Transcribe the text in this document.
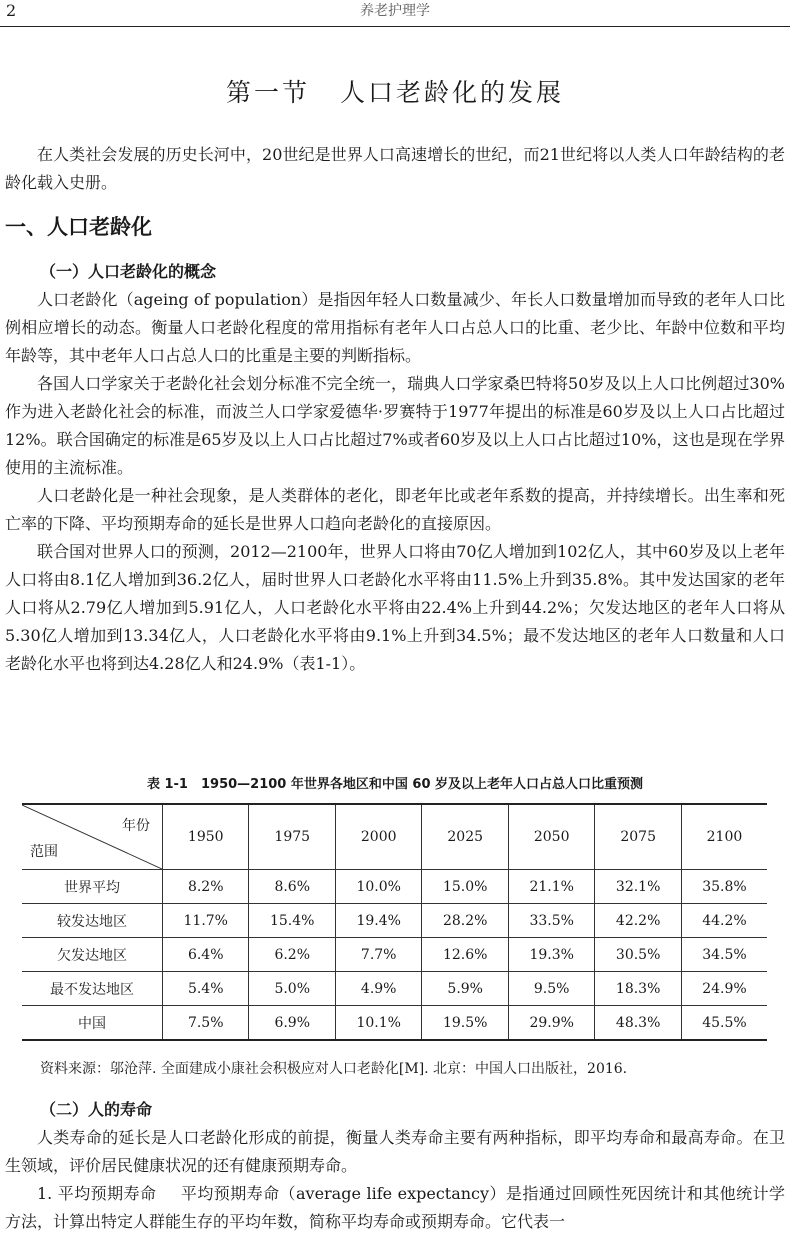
2	养老护理学
第一节 人口老龄化的发展

在人类社会发展的历史长河中，20世纪是世界人口高速增长的世纪，而21世纪将以人类人口年龄结构的老龄化载入史册。

一、人口老龄化

（一）人口老龄化的概念

人口老龄化（ageing of population）是指因年轻人口数量减少、年长人口数量增加而导致的老年人口比例相应增长的动态。衡量人口老龄化程度的常用指标有老年人口占总人口的比重、老少比、年龄中位数和平均年龄等，其中老年人口占总人口的比重是主要的判断指标。

各国人口学家关于老龄化社会划分标准不完全统一，瑞典人口学家桑巴特将50岁及以上人口比例超过30%作为进入老龄化社会的标准，而波兰人口学家爱德华·罗赛特于1977年提出的标准是60岁及以上人口占比超过12%。联合国确定的标准是65岁及以上人口占比超过7%或者60岁及以上人口占比超过10%，这也是现在学界使用的主流标准。

人口老龄化是一种社会现象，是人类群体的老化，即老年比或老年系数的提高，并持续增长。出生率和死亡率的下降、平均预期寿命的延长是世界人口趋向老龄化的直接原因。

联合国对世界人口的预测，2012—2100年，世界人口将由70亿人增加到102亿人，其中60岁及以上老年人口将由8.1亿人增加到36.2亿人，届时世界人口老龄化水平将由11.5%上升到35.8%。其中发达国家的老年人口将从2.79亿人增加到5.91亿人，人口老龄化水平将由22.4%上升到44.2%；欠发达地区的老年人口将从5.30亿人增加到13.34亿人，人口老龄化水平将由9.1%上升到34.5%；最不发达地区的老年人口数量和人口老龄化水平也将到达4.28亿人和24.9%（表1-1）。

表 1-1　1950—2100 年世界各地区和中国 60 岁及以上老年人口占总人口比重预测
年份
范围	1950	1975	2000	2025	2050	2075	2100
世界平均	8.2%	8.6%	10.0%	15.0%	21.1%	32.1%	35.8%
较发达地区	11.7%	15.4%	19.4%	28.2%	33.5%	42.2%	44.2%
欠发达地区	6.4%	6.2%	7.7%	12.6%	19.3%	30.5%	34.5%
最不发达地区	5.4%	5.0%	4.9%	5.9%	9.5%	18.3%	24.9%
中国	7.5%	6.9%	10.1%	19.5%	29.9%	48.3%	45.5%
资料来源：邬沧萍. 全面建成小康社会积极应对人口老龄化[M]. 北京：中国人口出版社，2016.

（二）人的寿命

人类寿命的延长是人口老龄化形成的前提，衡量人类寿命主要有两种指标，即平均寿命和最高寿命。在卫生领域，评价居民健康状况的还有健康预期寿命。

1. 平均预期寿命 平均预期寿命（average life expectancy）是指通过回顾性死因统计和其他统计学方法，计算出特定人群能生存的平均年数，简称平均寿命或预期寿命。它代表一
